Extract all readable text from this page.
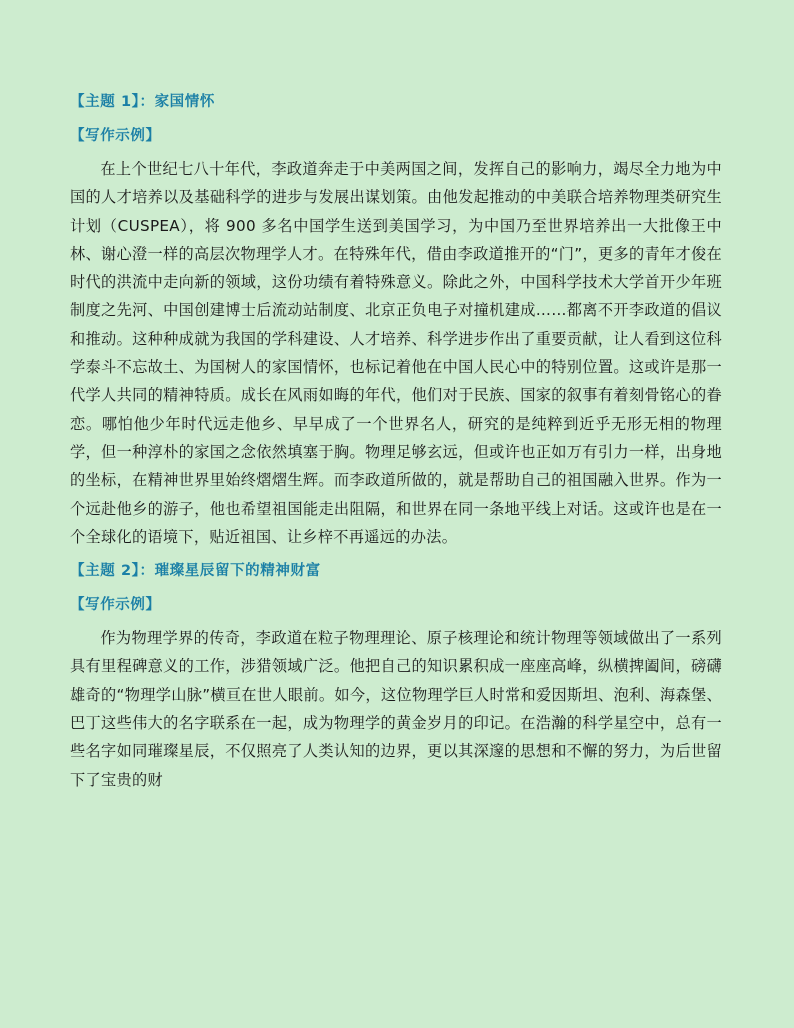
【主题 1】：家国情怀

【写作示例】

在上个世纪七八十年代，李政道奔走于中美两国之间，发挥自己的影响力，竭尽全力地为中国的人才培养以及基础科学的进步与发展出谋划策。由他发起推动的中美联合培养物理类研究生计划（CUSPEA），将 900 多名中国学生送到美国学习，为中国乃至世界培养出一大批像王中林、谢心澄一样的高层次物理学人才。在特殊年代，借由李政道推开的“门”，更多的青年才俊在时代的洪流中走向新的领域，这份功绩有着特殊意义。除此之外，中国科学技术大学首开少年班制度之先河、中国创建博士后流动站制度、北京正负电子对撞机建成……都离不开李政道的倡议和推动。这种种成就为我国的学科建设、人才培养、科学进步作出了重要贡献，让人看到这位科学泰斗不忘故土、为国树人的家国情怀，也标记着他在中国人民心中的特别位置。这或许是那一代学人共同的精神特质。成长在风雨如晦的年代，他们对于民族、国家的叙事有着刻骨铭心的眷恋。哪怕他少年时代远走他乡、早早成了一个世界名人，研究的是纯粹到近乎无形无相的物理学，但一种淳朴的家国之念依然填塞于胸。物理足够玄远，但或许也正如万有引力一样，出身地的坐标，在精神世界里始终熠熠生辉。而李政道所做的，就是帮助自己的祖国融入世界。作为一个远赴他乡的游子，他也希望祖国能走出阻隔，和世界在同一条地平线上对话。这或许也是在一个全球化的语境下，贴近祖国、让乡梓不再遥远的办法。

【主题 2】：璀璨星辰留下的精神财富

【写作示例】

作为物理学界的传奇，李政道在粒子物理理论、原子核理论和统计物理等领域做出了一系列具有里程碑意义的工作，涉猎领域广泛。他把自己的知识累积成一座座高峰，纵横捭阖间，磅礴雄奇的“物理学山脉”横亘在世人眼前。如今，这位物理学巨人时常和爱因斯坦、泡利、海森堡、巴丁这些伟大的名字联系在一起，成为物理学的黄金岁月的印记。在浩瀚的科学星空中，总有一些名字如同璀璨星辰，不仅照亮了人类认知的边界，更以其深邃的思想和不懈的努力，为后世留下了宝贵的财
